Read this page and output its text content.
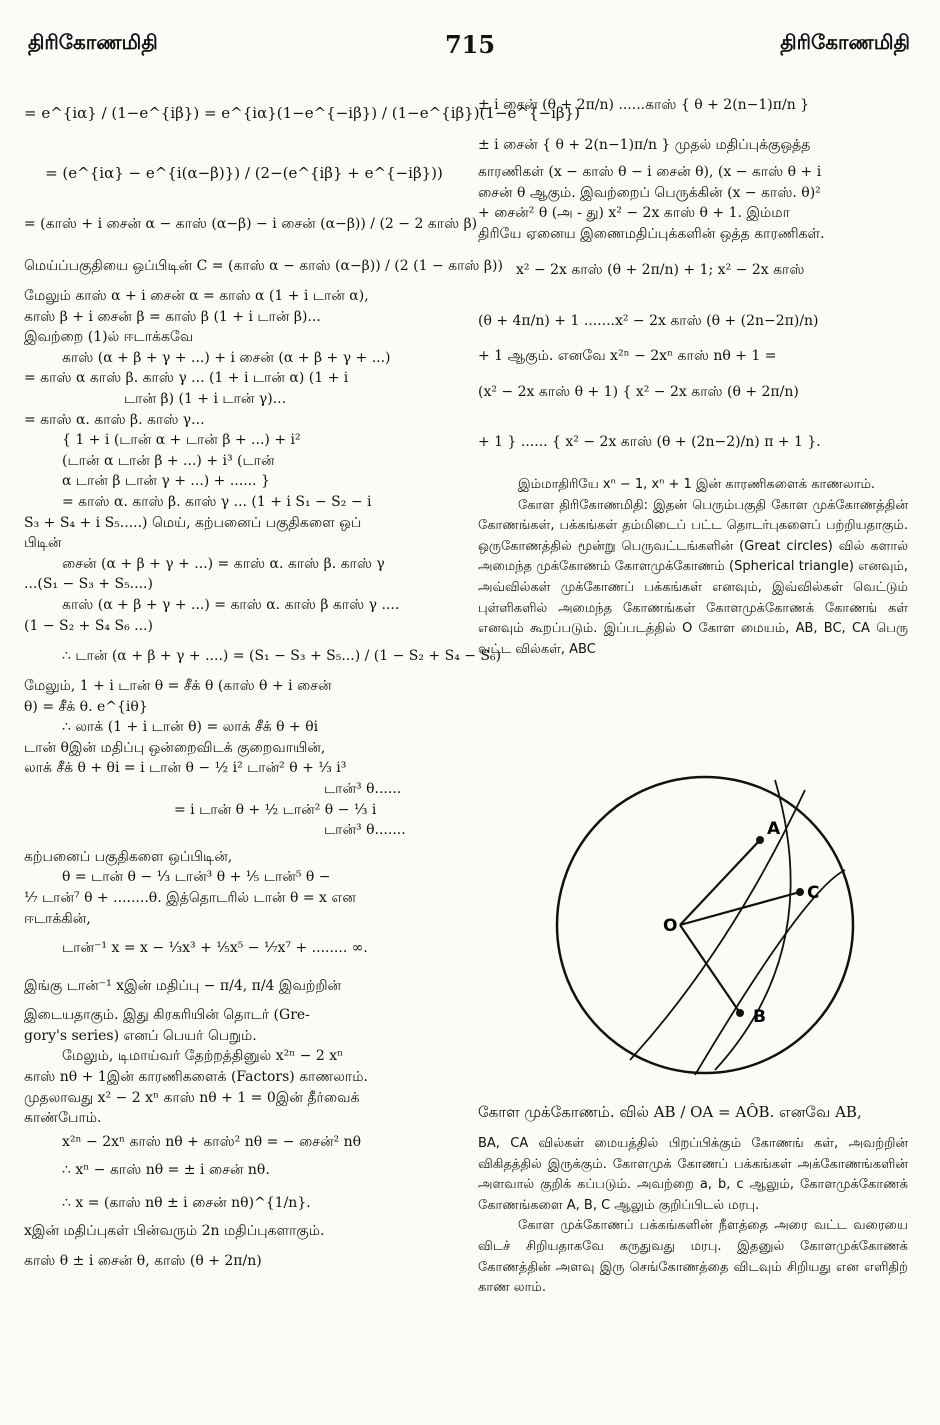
திரிகோணமிதி	715	திரிகோணமிதி
= e^{iα} / (1−e^{iβ}) = e^{iα}(1−e^{−iβ}) / (1−e^{iβ})(1−e^{−iβ})
= (e^{iα} − e^{i(α−β)}) / (2−(e^{iβ} + e^{−iβ}))
= (காஸ் + i சைன் α − காஸ் (α−β) − i சைன் (α−β)) / (2 − 2 காஸ் β)
மெய்ப்பகுதியை ஒப்பிடின் C = (காஸ் α − காஸ் (α−β)) / (2 (1 − காஸ் β))
மேலும் காஸ் α + i சைன் α = காஸ் α (1 + i டான் α),
காஸ் β + i சைன் β = காஸ் β (1 + i டான் β)...
இவற்றை (1)ல் ஈடாக்கவே
காஸ் (α + β + γ + ...) + i சைன் (α + β + γ + ...)
= காஸ் α காஸ் β. காஸ் γ ... (1 + i டான் α) (1 + i
டான் β) (1 + i டான் γ)...
= காஸ் α. காஸ் β. காஸ் γ...
{ 1 + i (டான் α + டான் β + ...) + i²
(டான் α டான் β + ...) + i³ (டான்
α டான் β டான் γ + ...) + ...... }
= காஸ் α. காஸ் β. காஸ் γ ... (1 + i S₁ − S₂ − i
S₃ + S₄ + i S₅.....) மெய், கற்பனைப் பகுதிகளை ஒப்
பிடின்
சைன் (α + β + γ + ...) = காஸ் α. காஸ் β. காஸ் γ
...(S₁ − S₃ + S₅....)
காஸ் (α + β + γ + ...) = காஸ் α. காஸ் β காஸ் γ ....
(1 − S₂ + S₄ S₆ ...)
∴ டான் (α + β + γ + ....) = (S₁ − S₃ + S₅...) / (1 − S₂ + S₄ − S₆)
மேலும், 1 + i டான் θ = சீக் θ (காஸ் θ + i சைன்
θ) = சீக் θ. e^{iθ}
∴ லாக் (1 + i டான் θ) = லாக் சீக் θ + θi
டான் θஇன் மதிப்பு ஒன்றைவிடக் குறைவாயின்,
லாக் சீக் θ + θi = i டான் θ − ½ i² டான்² θ + ⅓ i³
டான்³ θ......
= i டான் θ + ½ டான்² θ − ⅓ i
டான்³ θ.......
கற்பனைப் பகுதிகளை ஒப்பிடின்,
θ = டான் θ − ⅓ டான்³ θ + ⅕ டான்⁵ θ −
⅐ டான்⁷ θ + ........θ. இத்தொடரில் டான் θ = x என
ஈடாக்கின்,
டான்⁻¹ x = x − ⅓x³ + ⅕x⁵ − ⅐x⁷ + ........ ∞.
இங்கு டான்⁻¹ xஇன் மதிப்பு − π/4, π/4 இவற்றின்
இடையதாகும். இது கிரகரியின் தொடர் (Gre-
gory's series) எனப் பெயர் பெறும்.
மேலும், டிமாய்வர் தேற்றத்தினுல் x²ⁿ − 2 xⁿ
காஸ் nθ + 1இன் காரணிகளைக் (Factors) காணலாம்.
முதலாவது x² − 2 xⁿ காஸ் nθ + 1 = 0இன் தீர்வைக்
காண்போம்.
x²ⁿ − 2xⁿ காஸ் nθ + காஸ்² nθ = − சைன்² nθ
∴ xⁿ − காஸ் nθ = ± i சைன் nθ.
∴ x = (காஸ் nθ ± i சைன் nθ)^{1/n}.
xஇன் மதிப்புகள் பின்வரும் 2n மதிப்புகளாகும்.
காஸ் θ ± i சைன் θ, காஸ் (θ + 2π/n)
± i சைன் (θ + 2π/n) ......காஸ் { θ + 2(n−1)π/n }
± i சைன் { θ + 2(n−1)π/n } முதல் மதிப்புக்குஒத்த
காரணிகள் (x − காஸ் θ − i சைன் θ), (x − காஸ் θ + i
சைன் θ ஆகும். இவற்றைப் பெருக்கின் (x − காஸ். θ)²
+ சைன்² θ (அ - து) x² − 2x காஸ் θ + 1. இம்மா
திரியே ஏனைய இணைமதிப்புக்களின் ஒத்த காரணிகள்.
x² − 2x காஸ் (θ + 2π/n) + 1; x² − 2x காஸ்
(θ + 4π/n) + 1 .......x² − 2x காஸ் (θ + (2n−2π)/n)
+ 1 ஆகும். எனவே x²ⁿ − 2xⁿ காஸ் nθ + 1 =
(x² − 2x காஸ் θ + 1) { x² − 2x காஸ் (θ + 2π/n)
+ 1 } ...... { x² − 2x காஸ் (θ + (2n−2)/n) π + 1 }.

இம்மாதிரியே xⁿ − 1, xⁿ + 1 இன் காரணிகளைக் காணலாம்.

கோள திரிகோணமிதி: இதன் பெரும்பகுதி கோள முக்கோணத்தின் கோணங்கள், பக்கங்கள் தம்மிடைப் பட்ட தொடர்புகளைப் பற்றியதாகும். ஒருகோணத்தில் மூன்று பெருவட்டங்களின் (Great circles) வில் களால் அமைந்த முக்கோணம் கோளமுக்கோணம் (Spherical triangle) எனவும், அவ்வில்கள் முக்கோணப் பக்கங்கள் எனவும், இவ்வில்கள் வெட்டும் புள்ளிகளில் அமைந்த கோணங்கள் கோளமுக்கோணக் கோணங் கள் எனவும் கூறப்படும். இப்படத்தில் O கோள மையம், AB, BC, CA பெரு வட்ட வில்கள், ABC

A
C
B
O
கோள முக்கோணம். வில் AB / OA = AÔB. எனவே AB,

BA, CA வில்கள் மையத்தில் பிறப்பிக்கும் கோணங் கள், அவற்றின் விகிதத்தில் இருக்கும். கோளமுக் கோணப் பக்கங்கள் அக்கோணங்களின் அளவால் குறிக் கப்படும். அவற்றை a, b, c ஆலும், கோளமுக்கோணக் கோணங்களை A, B, C ஆலும் குறிப்பிடல் மரபு.

கோள முக்கோணப் பக்கங்களின் நீளத்தை அரை வட்ட வரையை விடச் சிறியதாகவே கருதுவது மரபு. இதனுல் கோளமுக்கோணக் கோணத்தின் அளவு இரு செங்கோணத்தை விடவும் சிறியது என எளிதிற் காண லாம்.
